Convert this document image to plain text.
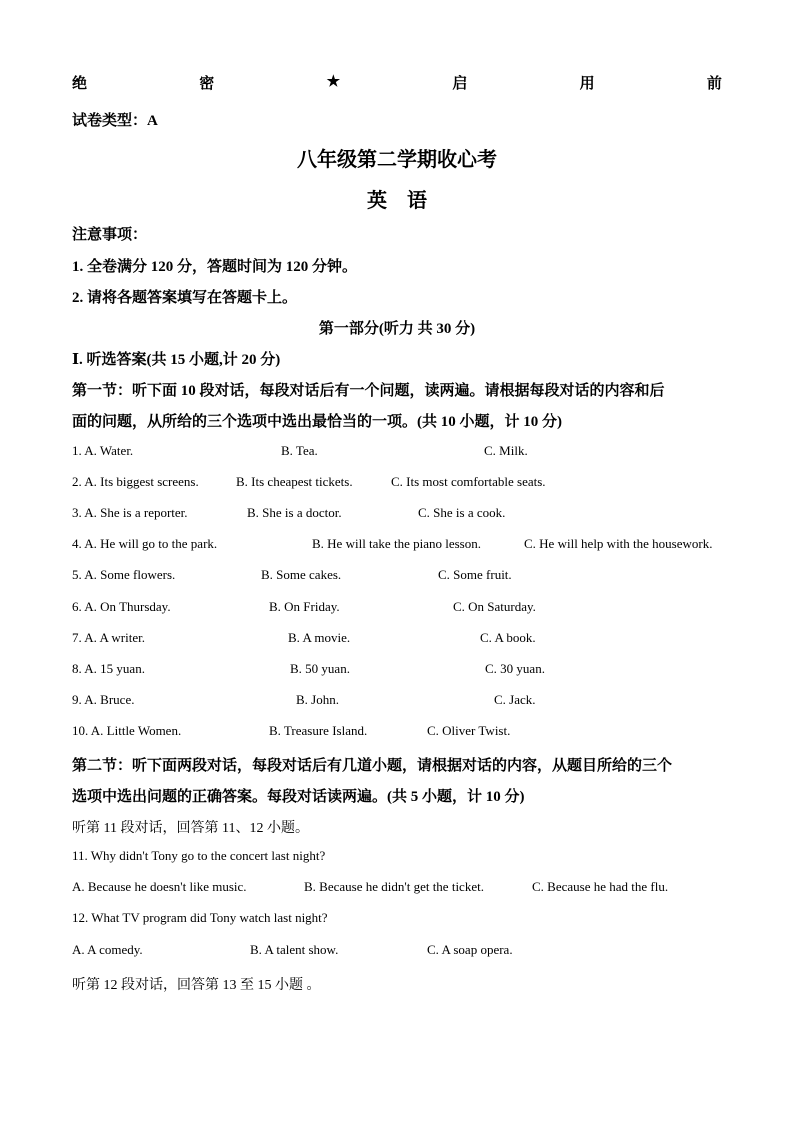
绝	密	★	启	用	前
试卷类型：A
八年级第二学期收心考
英　语
注意事项：
1. 全卷满分 120 分，答题时间为 120 分钟。
2. 请将各题答案填写在答题卡上。
第一部分(听力 共 30 分)
Ⅰ. 听选答案(共 15 小题,计 20 分)
第一节：听下面 10 段对话，每段对话后有一个问题，读两遍。请根据每段对话的内容和后
面的问题，从所给的三个选项中选出最恰当的一项。(共 10 小题，计 10 分)
1. A. Water.	B. Tea.	C. Milk.
2. A. Its biggest screens.	B. Its cheapest tickets.	C. Its most comfortable seats.
3. A. She is a reporter.	B. She is a doctor.	C. She is a cook.
4. A. He will go to the park.	B. He will take the piano lesson.	C. He will help with the housework.
5. A. Some flowers.	B. Some cakes.	C. Some fruit.
6. A. On Thursday.	B. On Friday.	C. On Saturday.
7. A. A writer.	B. A movie.	C. A book.
8. A. 15 yuan.	B. 50 yuan.	C. 30 yuan.
9. A. Bruce.	B. John.	C. Jack.
10. A. Little Women.	B. Treasure Island.	C. Oliver Twist.
第二节：听下面两段对话，每段对话后有几道小题，请根据对话的内容，从题目所给的三个
选项中选出问题的正确答案。每段对话读两遍。(共 5 小题，计 10 分)
听第 11 段对话，回答第 11、12 小题。
11. Why didn't Tony go to the concert last night?
A. Because he doesn't like music.	B. Because he didn't get the ticket.	C. Because he had the flu.
12. What TV program did Tony watch last night?
A. A comedy.	B. A talent show.	C. A soap opera.
听第 12 段对话，回答第 13 至 15 小题 。
